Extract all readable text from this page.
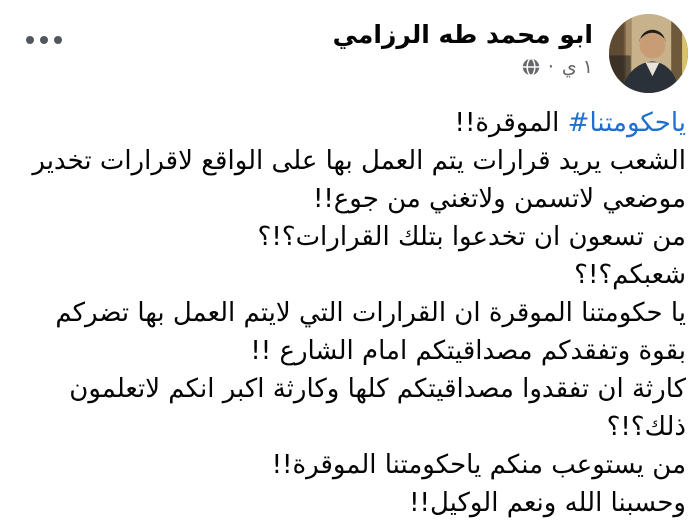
ابو محمد طه الرزامي
١ ي
·

#ياحكومتنا الموقرة!!

الشعب يريد قرارات يتم العمل بها على الواقع لاقرارات تخدير موضعي لاتسمن ولاتغني من جوع!!

من تسعون ان تخدعوا بتلك القرارات؟!؟

شعبكم؟!؟

يا حكومتنا الموقرة ان القرارات التي لايتم العمل بها تضركم بقوة وتفقدكم مصداقيتكم امام الشارع !!

كارثة ان تفقدوا مصداقيتكم كلها وكارثة اكبر انكم لاتعلمون ذلك؟!؟

من يستوعب منكم ياحكومتنا الموقرة!!

وحسبنا الله ونعم الوكيل!!
